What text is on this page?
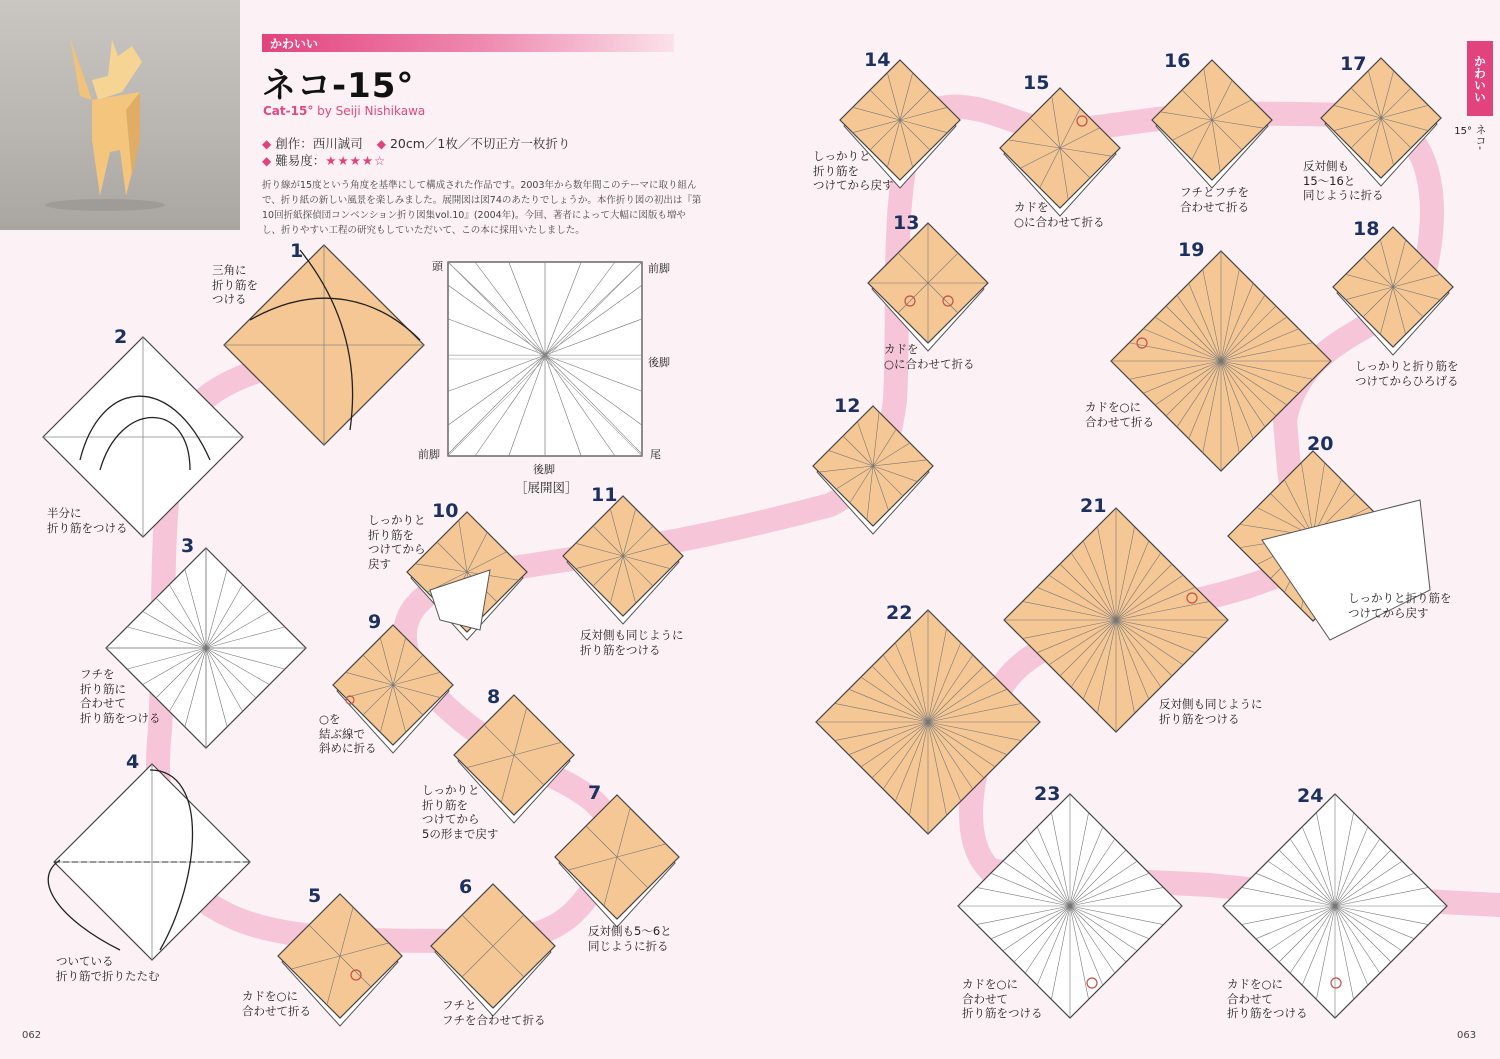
かわいい
ネコ-15°
Cat-15° by Seiji Nishikawa
◆ 創作：西川誠司 ◆ 20cm／1枚／不切正方一枚折り
◆ 難易度：★★★★☆
折り線が15度という角度を基準にして構成された作品です。2003年から数年間このテーマに取り組んで、折り紙の新しい風景を楽しみました。展開図は図74のあたりでしょうか。本作折り図の初出は『第10回折紙探偵団コンベンション折り図集vol.10』(2004年)。今回、著者によって大幅に図版も増やし、折りやすい工程の研究もしていただいて、この本に採用いたしました。
かわいい
ネコ-
15°
頭	前脚
後脚
前脚	尾
後脚
［展開図］
1
2
3
4
5	6
7
8
9
10
11
12
13
14
15
16	17
18
19
20
21
22
23	24
三角に
折り筋を
つける
半分に
折り筋をつける
フチを
折り筋に
合わせて
折り筋をつける
ついている
折り筋で折りたたむ
カドを○に
合わせて折る	フチと
フチを合わせて折る
反対側も5〜6と
同じように折る
しっかりと
折り筋を
つけてから
5の形まで戻す
○を
結ぶ線で
斜めに折る
しっかりと
折り筋を
つけてから
戻す
反対側も同じように
折り筋をつける
カドを
○に合わせて折る
しっかりと
折り筋を
つけてから戻す
カドを
○に合わせて折る
フチとフチを
合わせて折る
反対側も
15〜16と
同じように折る
しっかりと折り筋を
つけてからひろげる
カドを○に
合わせて折る
しっかりと折り筋を
つけてから戻す
反対側も同じように
折り筋をつける
カドを○に
合わせて
折り筋をつける
カドを○に
合わせて
折り筋をつける
062	063
